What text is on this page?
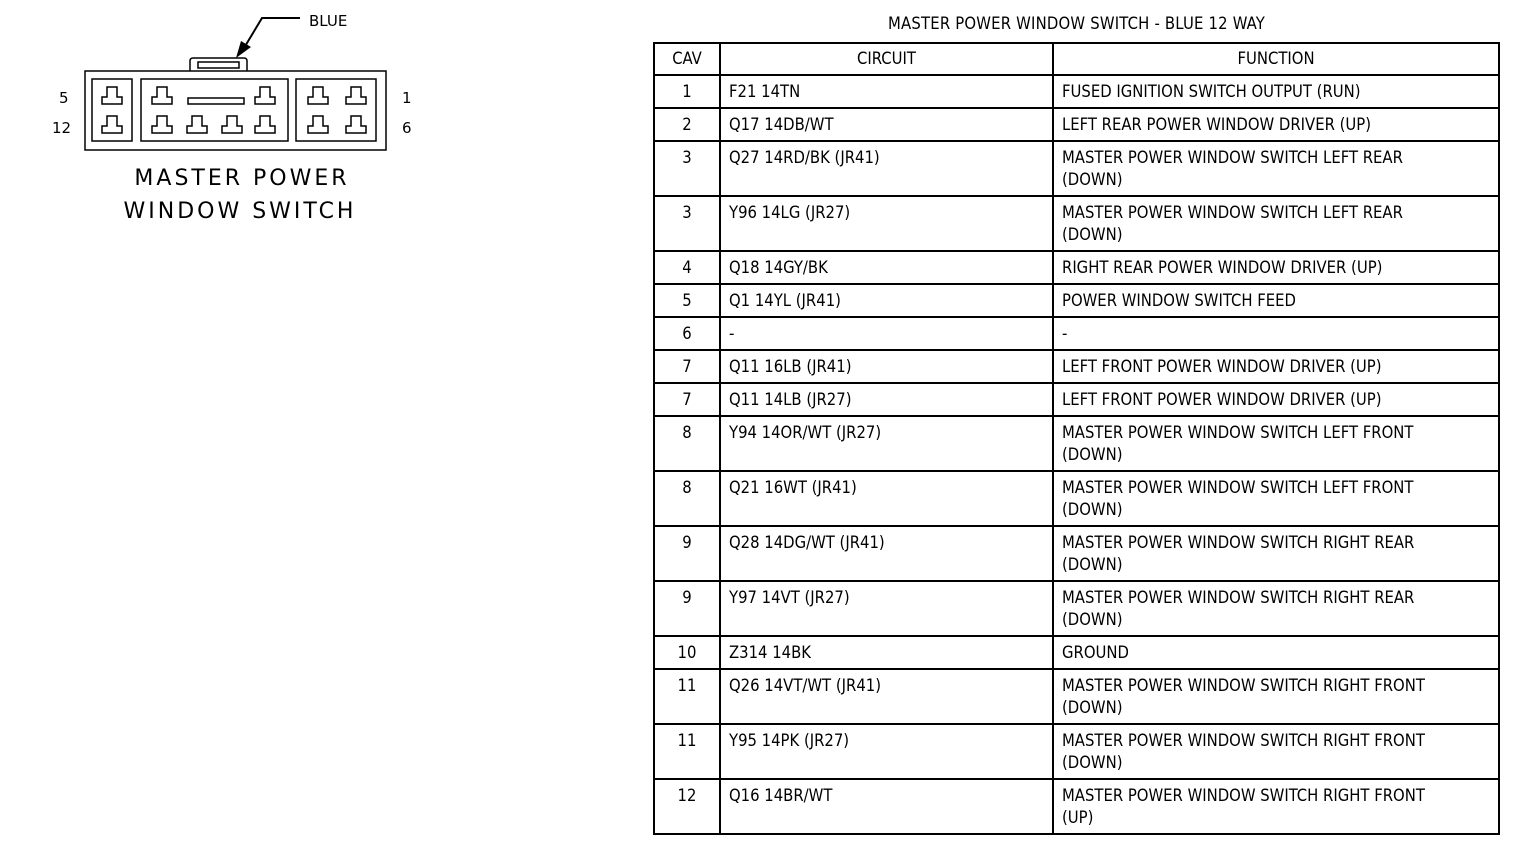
BLUE
5
12
1
6
MASTER POWER
WINDOW SWITCH
MASTER POWER WINDOW SWITCH - BLUE 12 WAY
CAV	CIRCUIT	FUNCTION
1	F21 14TN	FUSED IGNITION SWITCH OUTPUT (RUN)
2	Q17 14DB/WT	LEFT REAR POWER WINDOW DRIVER (UP)
3	Q27 14RD/BK (JR41)	MASTER POWER WINDOW SWITCH LEFT REAR
(DOWN)
3	Y96 14LG (JR27)	MASTER POWER WINDOW SWITCH LEFT REAR
(DOWN)
4	Q18 14GY/BK	RIGHT REAR POWER WINDOW DRIVER (UP)
5	Q1 14YL (JR41)	POWER WINDOW SWITCH FEED
6	-	-
7	Q11 16LB (JR41)	LEFT FRONT POWER WINDOW DRIVER (UP)
7	Q11 14LB (JR27)	LEFT FRONT POWER WINDOW DRIVER (UP)
8	Y94 14OR/WT (JR27)	MASTER POWER WINDOW SWITCH LEFT FRONT
(DOWN)
8	Q21 16WT (JR41)	MASTER POWER WINDOW SWITCH LEFT FRONT
(DOWN)
9	Q28 14DG/WT (JR41)	MASTER POWER WINDOW SWITCH RIGHT REAR
(DOWN)
9	Y97 14VT (JR27)	MASTER POWER WINDOW SWITCH RIGHT REAR
(DOWN)
10	Z314 14BK	GROUND
11	Q26 14VT/WT (JR41)	MASTER POWER WINDOW SWITCH RIGHT FRONT
(DOWN)
11	Y95 14PK (JR27)	MASTER POWER WINDOW SWITCH RIGHT FRONT
(DOWN)
12	Q16 14BR/WT	MASTER POWER WINDOW SWITCH RIGHT FRONT
(UP)
